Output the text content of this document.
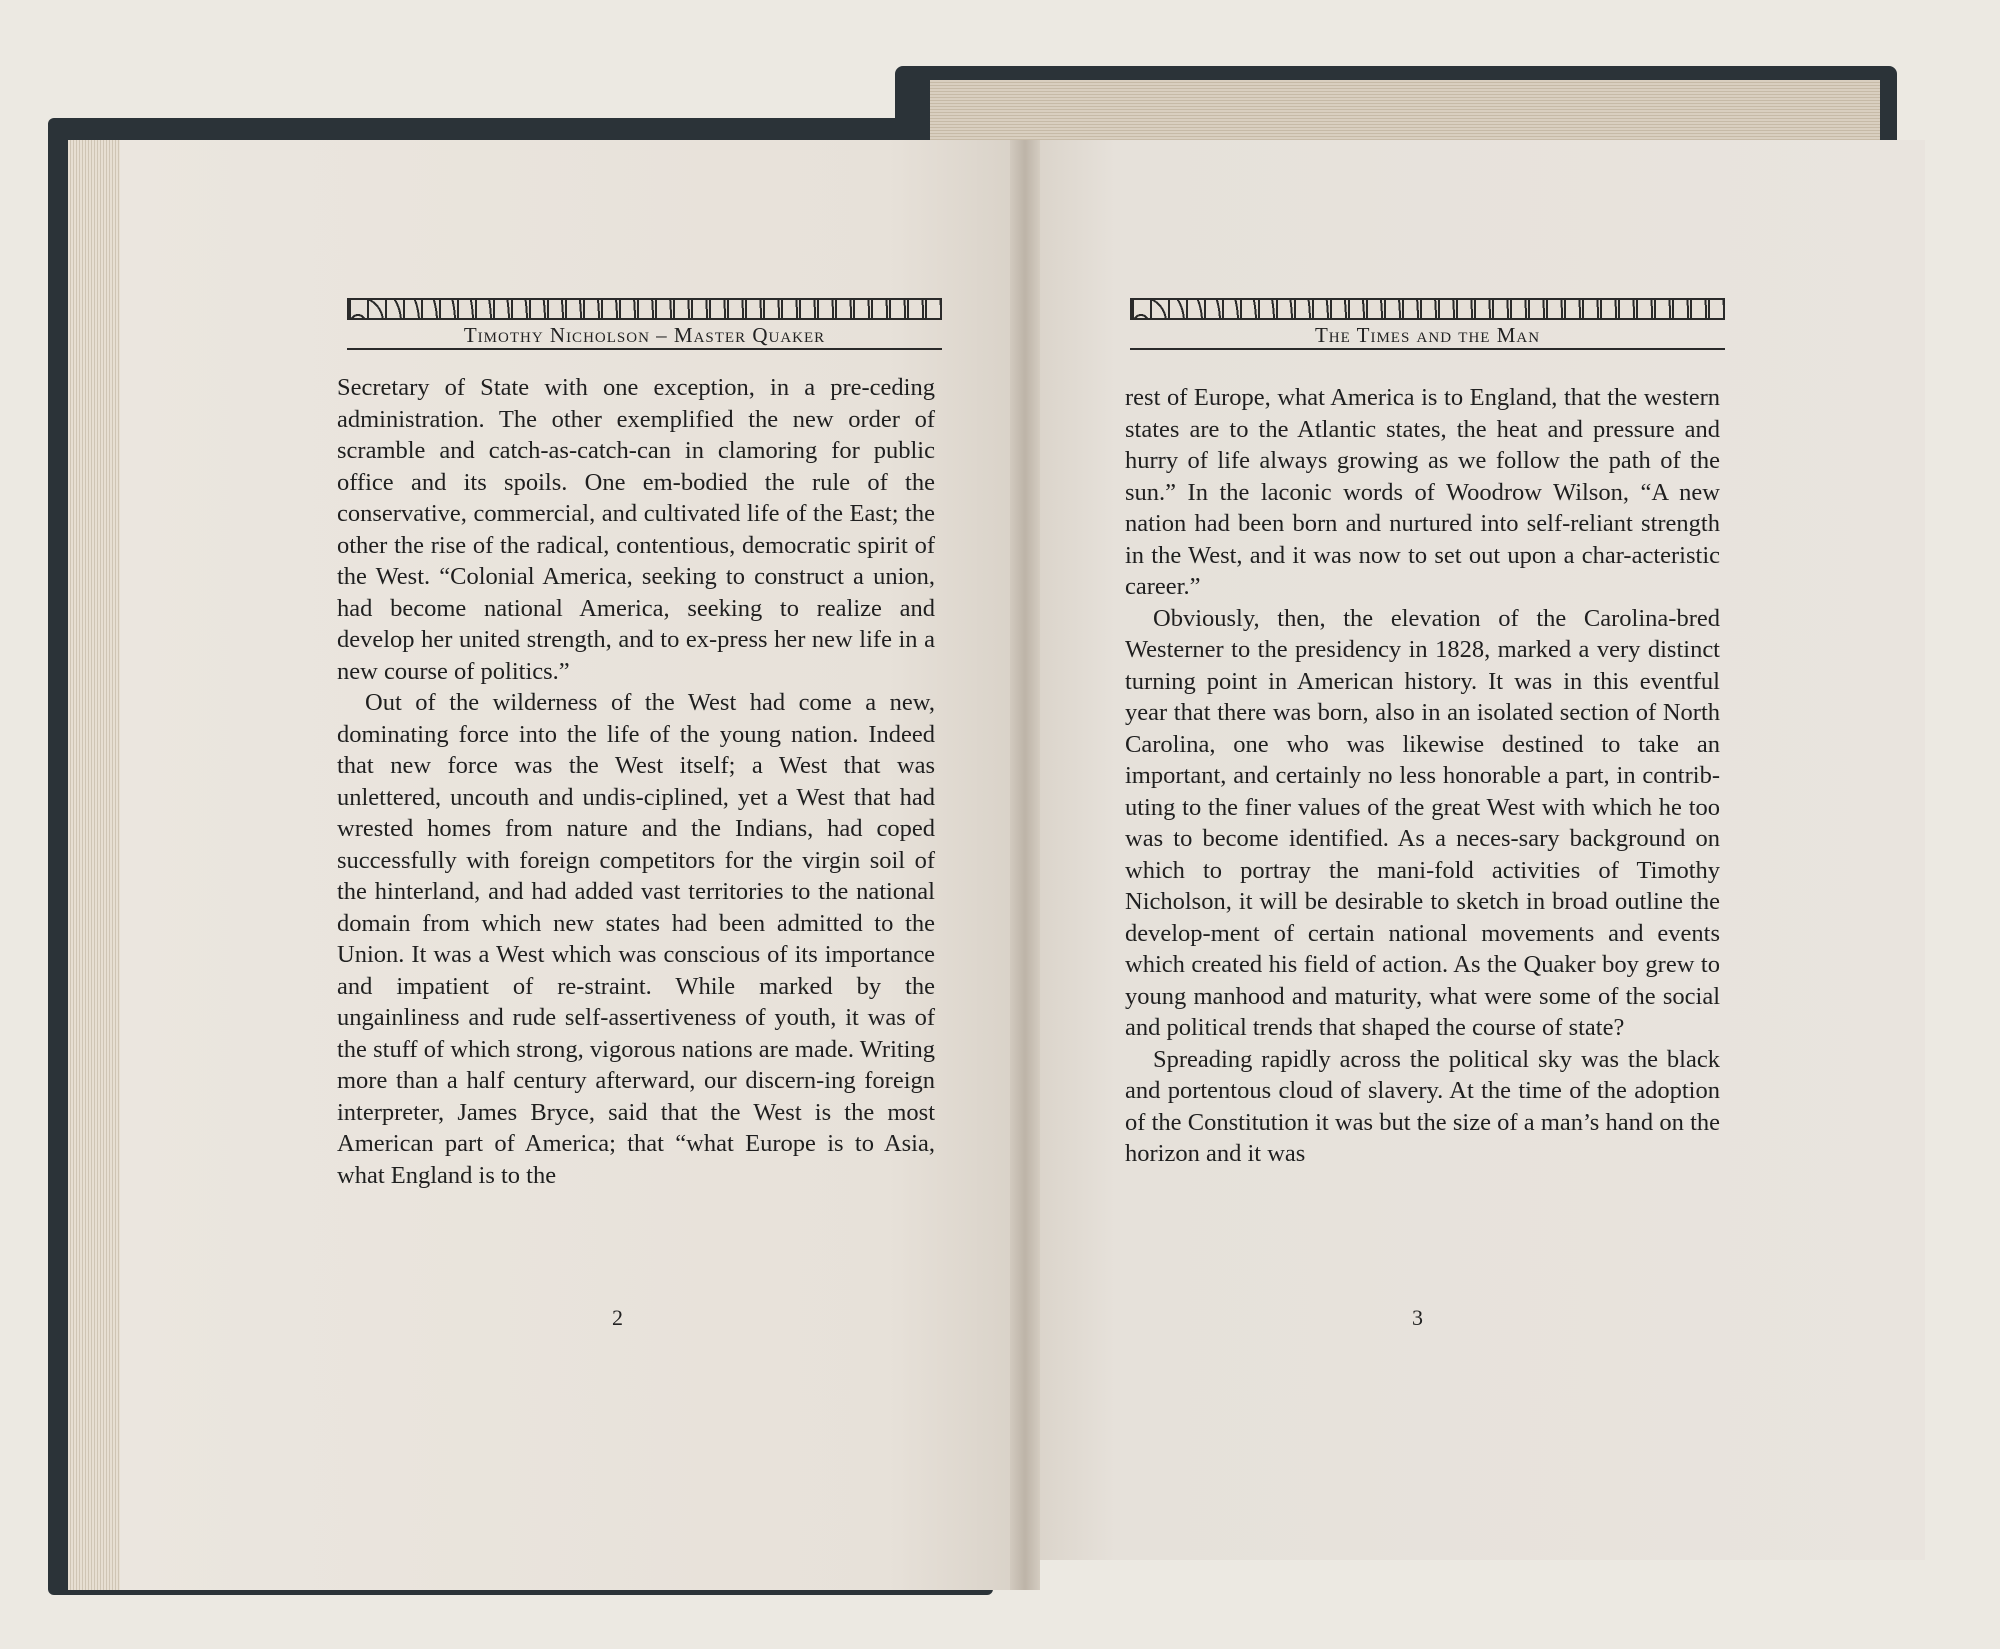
Timothy Nicholson – Master Quaker

Secretary of State with one exception, in a pre-ceding administration. The other exemplified the new order of scramble and catch-as-catch-can in clamoring for public office and its spoils. One em-bodied the rule of the conservative, commercial, and cultivated life of the East; the other the rise of the radical, contentious, democratic spirit of the West. “Colonial America, seeking to construct a union, had become national America, seeking to realize and develop her united strength, and to ex-press her new life in a new course of politics.”

Out of the wilderness of the West had come a new, dominating force into the life of the young nation. Indeed that new force was the West itself; a West that was unlettered, uncouth and undis-ciplined, yet a West that had wrested homes from nature and the Indians, had coped successfully with foreign competitors for the virgin soil of the hinterland, and had added vast territories to the national domain from which new states had been admitted to the Union. It was a West which was conscious of its importance and impatient of re-straint. While marked by the ungainliness and rude self-assertiveness of youth, it was of the stuff of which strong, vigorous nations are made. Writing more than a half century afterward, our discern-ing foreign interpreter, James Bryce, said that the West is the most American part of America; that “what Europe is to Asia, what England is to the

2
The Times and the Man

rest of Europe, what America is to England, that the western states are to the Atlantic states, the heat and pressure and hurry of life always growing as we follow the path of the sun.” In the laconic words of Woodrow Wilson, “A new nation had been born and nurtured into self-reliant strength in the West, and it was now to set out upon a char-acteristic career.”

Obviously, then, the elevation of the Carolina-bred Westerner to the presidency in 1828, marked a very distinct turning point in American history. It was in this eventful year that there was born, also in an isolated section of North Carolina, one who was likewise destined to take an important, and certainly no less honorable a part, in contrib-uting to the finer values of the great West with which he too was to become identified. As a neces-sary background on which to portray the mani-fold activities of Timothy Nicholson, it will be desirable to sketch in broad outline the develop-ment of certain national movements and events which created his field of action. As the Quaker boy grew to young manhood and maturity, what were some of the social and political trends that shaped the course of state?

Spreading rapidly across the political sky was the black and portentous cloud of slavery. At the time of the adoption of the Constitution it was but the size of a man’s hand on the horizon and it was

3
